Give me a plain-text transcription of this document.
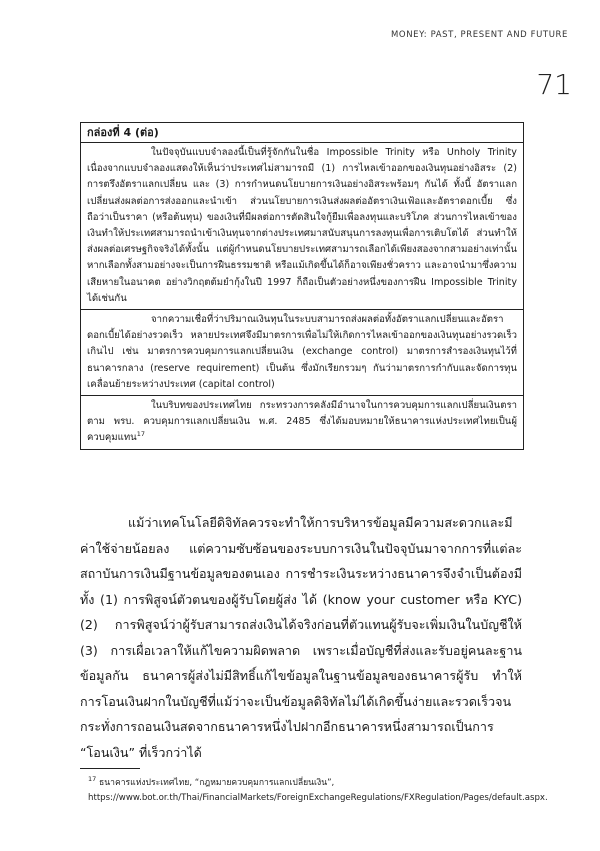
MONEY: PAST, PRESENT AND FUTURE
71
กล่องที่ 4 (ต่อ)

ในปัจจุบันแบบจำลองนี้เป็นที่รู้จักกันในชื่อ Impossible Trinity หรือ Unholy Trinity เนื่องจากแบบจำลองแสดงให้เห็นว่าประเทศไม่สามารถมี (1) การไหลเข้าออกของเงินทุนอย่างอิสระ (2) การตรึงอัตราแลกเปลี่ยน และ (3) การกำหนดนโยบายการเงินอย่างอิสระพร้อมๆ กันได้ ทั้งนี้ อัตราแลกเปลี่ยนส่งผลต่อการส่งออกและนำเข้า ส่วนนโยบายการเงินส่งผลต่ออัตราเงินเฟ้อและอัตราดอกเบี้ย ซึ่งถือว่าเป็นราคา (หรือต้นทุน) ของเงินที่มีผลต่อการตัดสินใจกู้ยืมเพื่อลงทุนและบริโภค ส่วนการไหลเข้าของเงินทำให้ประเทศสามารถนำเข้าเงินทุนจากต่างประเทศมาสนับสนุนการลงทุนเพื่อการเติบโตได้ ส่วนทำให้ส่งผลต่อเศรษฐกิจจริงได้ทั้งนั้น แต่ผู้กำหนดนโยบายประเทศสามารถเลือกได้เพียงสองจากสามอย่างเท่านั้น หากเลือกทั้งสามอย่างจะเป็นการฝืนธรรมชาติ หรือแม้เกิดขึ้นได้ก็อาจเพียงชั่วคราว และอาจนำมาซึ่งความเสียหายในอนาคต อย่างวิกฤตต้มยำกุ้งในปี 1997 ก็ถือเป็นตัวอย่างหนึ่งของการฝืน Impossible Trinity ได้เช่นกัน

จากความเชื่อที่ว่าปริมาณเงินทุนในระบบสามารถส่งผลต่อทั้งอัตราแลกเปลี่ยนและอัตราดอกเบี้ยได้อย่างรวดเร็ว หลายประเทศจึงมีมาตรการเพื่อไม่ให้เกิดการไหลเข้าออกของเงินทุนอย่างรวดเร็วเกินไป เช่น มาตรการควบคุมการแลกเปลี่ยนเงิน (exchange control) มาตรการสำรองเงินทุนไว้ที่ธนาคารกลาง (reserve requirement) เป็นต้น ซึ่งมักเรียกรวมๆ กันว่ามาตรการกำกับและจัดการทุนเคลื่อนย้ายระหว่างประเทศ (capital control)

ในบริบทของประเทศไทย กระทรวงการคลังมีอำนาจในการควบคุมการแลกเปลี่ยนเงินตราตาม พรบ. ควบคุมการแลกเปลี่ยนเงิน พ.ศ. 2485 ซึ่งได้มอบหมายให้ธนาคารแห่งประเทศไทยเป็นผู้ควบคุมแทน$^{17}$

แม้ว่าเทคโนโลยีดิจิทัลควรจะทำให้การบริหารข้อมูลมีความสะดวกและมีค่าใช้จ่ายน้อยลง แต่ความซับซ้อนของระบบการเงินในปัจจุบันมาจากการที่แต่ละสถาบันการเงินมีฐานข้อมูลของตนเอง การชำระเงินระหว่างธนาคารจึงจำเป็นต้องมีทั้ง (1) การพิสูจน์ตัวตนของผู้รับโดยผู้ส่ง ได้ (know your customer หรือ KYC) (2) การพิสูจน์ว่าผู้รับสามารถส่งเงินได้จริงก่อนที่ตัวแทนผู้รับจะเพิ่มเงินในบัญชีให้ (3) การเผื่อเวลาให้แก้ไขความผิดพลาด เพราะเมื่อบัญชีที่ส่งและรับอยู่คนละฐานข้อมูลกัน ธนาคารผู้ส่งไม่มีสิทธิ์แก้ไขข้อมูลในฐานข้อมูลของธนาคารผู้รับ ทำให้การโอนเงินฝากในบัญชีที่แม้ว่าจะเป็นข้อมูลดิจิทัลไม่ได้เกิดขึ้นง่ายและรวดเร็วจนกระทั่งการถอนเงินสดจากธนาคารหนึ่งไปฝากอีกธนาคารหนึ่งสามารถเป็นการ “โอนเงิน” ที่เร็วกว่าได้

$^{17}$ ธนาคารแห่งประเทศไทย, “กฎหมายควบคุมการแลกเปลี่ยนเงิน”, https://www.bot.or.th/Thai/FinancialMarkets/ForeignExchangeRegulations/FXRegulation/Pages/default.aspx.
